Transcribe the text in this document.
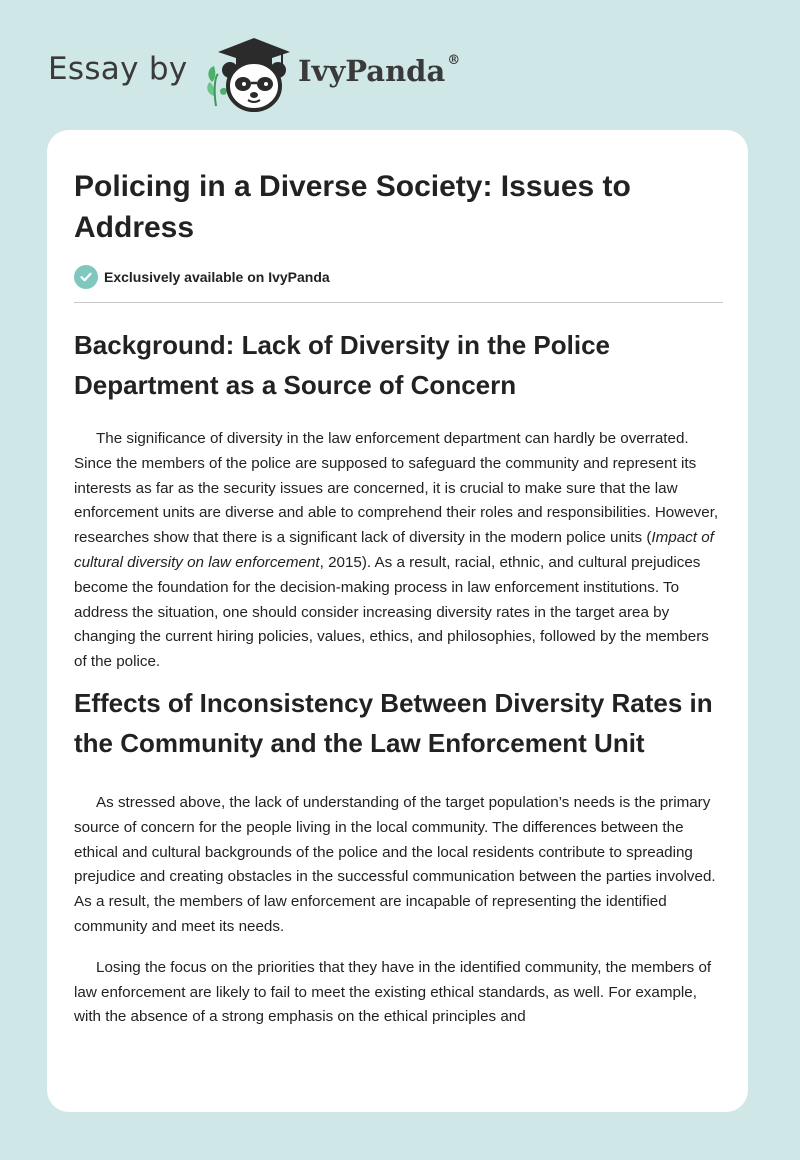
Essay by	IvyPanda ®
Policing in a Diverse Society: Issues to Address
Exclusively available on IvyPanda
Background: Lack of Diversity in the Police Department as a Source of Concern

The significance of diversity in the law enforcement department can hardly be overrated. Since the members of the police are supposed to safeguard the community and represent its interests as far as the security issues are concerned, it is crucial to make sure that the law enforcement units are diverse and able to comprehend their roles and responsibilities. However, researches show that there is a significant lack of diversity in the modern police units (Impact of cultural diversity on law enforcement, 2015). As a result, racial, ethnic, and cultural prejudices become the foundation for the decision-making process in law enforcement institutions. To address the situation, one should consider increasing diversity rates in the target area by changing the current hiring policies, values, ethics, and philosophies, followed by the members of the police.

Effects of Inconsistency Between Diversity Rates in the Community and the Law Enforcement Unit

As stressed above, the lack of understanding of the target population’s needs is the primary source of concern for the people living in the local community. The differences between the ethical and cultural backgrounds of the police and the local residents contribute to spreading prejudice and creating obstacles in the successful communication between the parties involved. As a result, the members of law enforcement are incapable of representing the identified community and meet its needs.

Losing the focus on the priorities that they have in the identified community, the members of law enforcement are likely to fail to meet the existing ethical standards, as well. For example, with the absence of a strong emphasis on the ethical principles and
